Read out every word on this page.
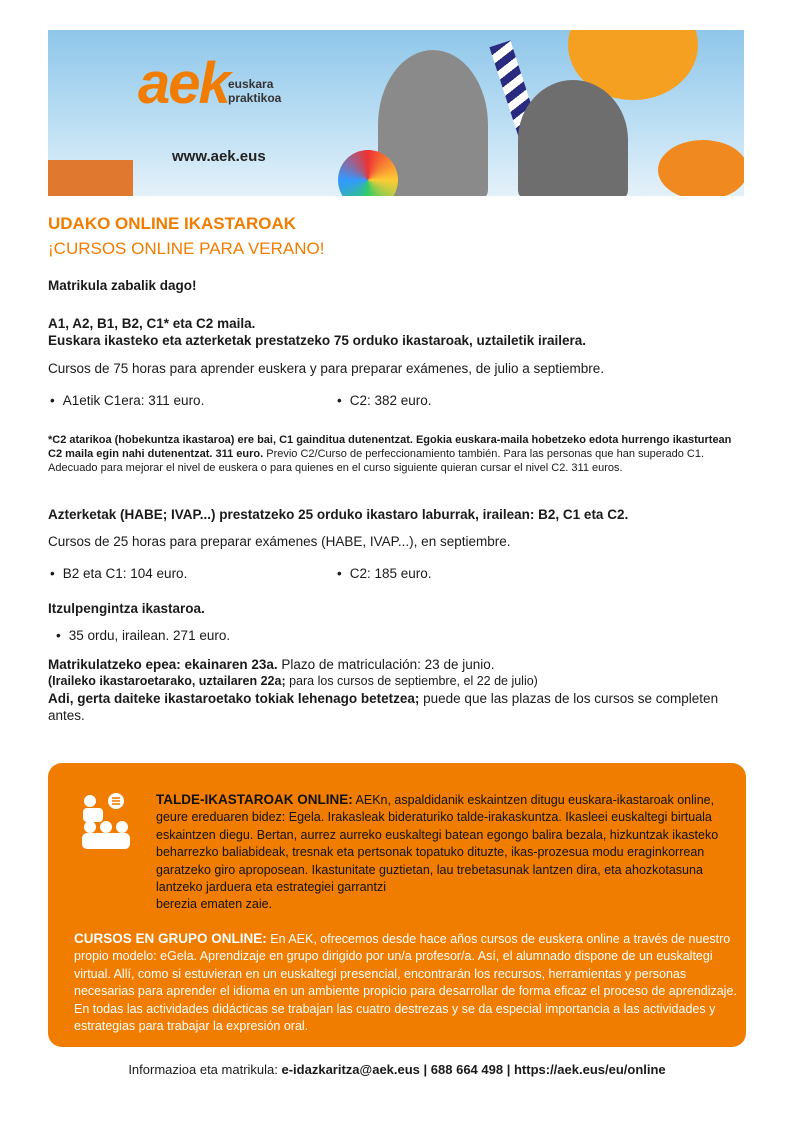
aek euskara
praktikoa
www.aek.eus
UDAKO ONLINE IKASTAROAK
¡CURSOS ONLINE PARA VERANO!
Matrikula zabalik dago!
A1, A2, B1, B2, C1* eta C2 maila.
Euskara ikasteko eta azterketak prestatzeko 75 orduko ikastaroak, uztailetik irailera.
Cursos de 75 horas para aprender euskera y para preparar exámenes, de julio a septiembre.
• A1etik C1era: 311 euro.	• C2: 382 euro.
*C2 atarikoa (hobekuntza ikastaroa) ere bai, C1 gainditua dutenentzat. Egokia euskara-maila hobetzeko edota hurrengo ikasturtean
C2 maila egin nahi dutenentzat. 311 euro. Previo C2/Curso de perfeccionamiento también. Para las personas que han superado C1.
Adecuado para mejorar el nivel de euskera o para quienes en el curso siguiente quieran cursar el nivel C2. 311 euros.
Azterketak (HABE; IVAP...) prestatzeko 25 orduko ikastaro laburrak, irailean: B2, C1 eta C2.
Cursos de 25 horas para preparar exámenes (HABE, IVAP...), en septiembre.
• B2 eta C1: 104 euro.	• C2: 185 euro.
Itzulpengintza ikastaroa.
• 35 ordu, irailean. 271 euro.
Matrikulatzeko epea: ekainaren 23a. Plazo de matriculación: 23 de junio.
(Iraileko ikastaroetarako, uztailaren 22a; para los cursos de septiembre, el 22 de julio)
Adi, gerta daiteke ikastaroetako tokiak lehenago betetzea; puede que las plazas de los cursos se completen antes.
TALDE-IKASTAROAK ONLINE: AEKn, aspaldidanik eskaintzen ditugu euskara-ikastaroak online, geure ereduaren bidez: Egela. Irakasleak bideraturiko talde-irakaskuntza. Ikasleei euskaltegi birtuala eskaintzen diegu. Bertan, aurrez aurreko euskaltegi batean egongo balira bezala, hizkuntzak ikasteko beharrezko baliabideak, tresnak eta pertsonak topatuko dituzte, ikas-prozesua modu eraginkorrean garatzeko giro aproposean. Ikastunitate guztietan, lau trebetasunak lantzen dira, eta ahozkotasuna lantzeko jarduera eta estrategiei garrantzi
berezia ematen zaie.
CURSOS EN GRUPO ONLINE: En AEK, ofrecemos desde hace años cursos de euskera online a través de nuestro propio modelo: eGela. Aprendizaje en grupo dirigido por un/a profesor/a. Así, el alumnado dispone de un euskaltegi virtual. Allí, como si estuvieran en un euskaltegi presencial, encontrarán los recursos, herramientas y personas necesarias para aprender el idioma en un ambiente propicio para desarrollar de forma eficaz el proceso de aprendizaje. En todas las actividades didácticas se trabajan las cuatro destrezas y se da especial importancia a las actividades y estrategias para trabajar la expresión oral.
Informazioa eta matrikula: e-idazkaritza@aek.eus | 688 664 498 | https://aek.eus/eu/online
